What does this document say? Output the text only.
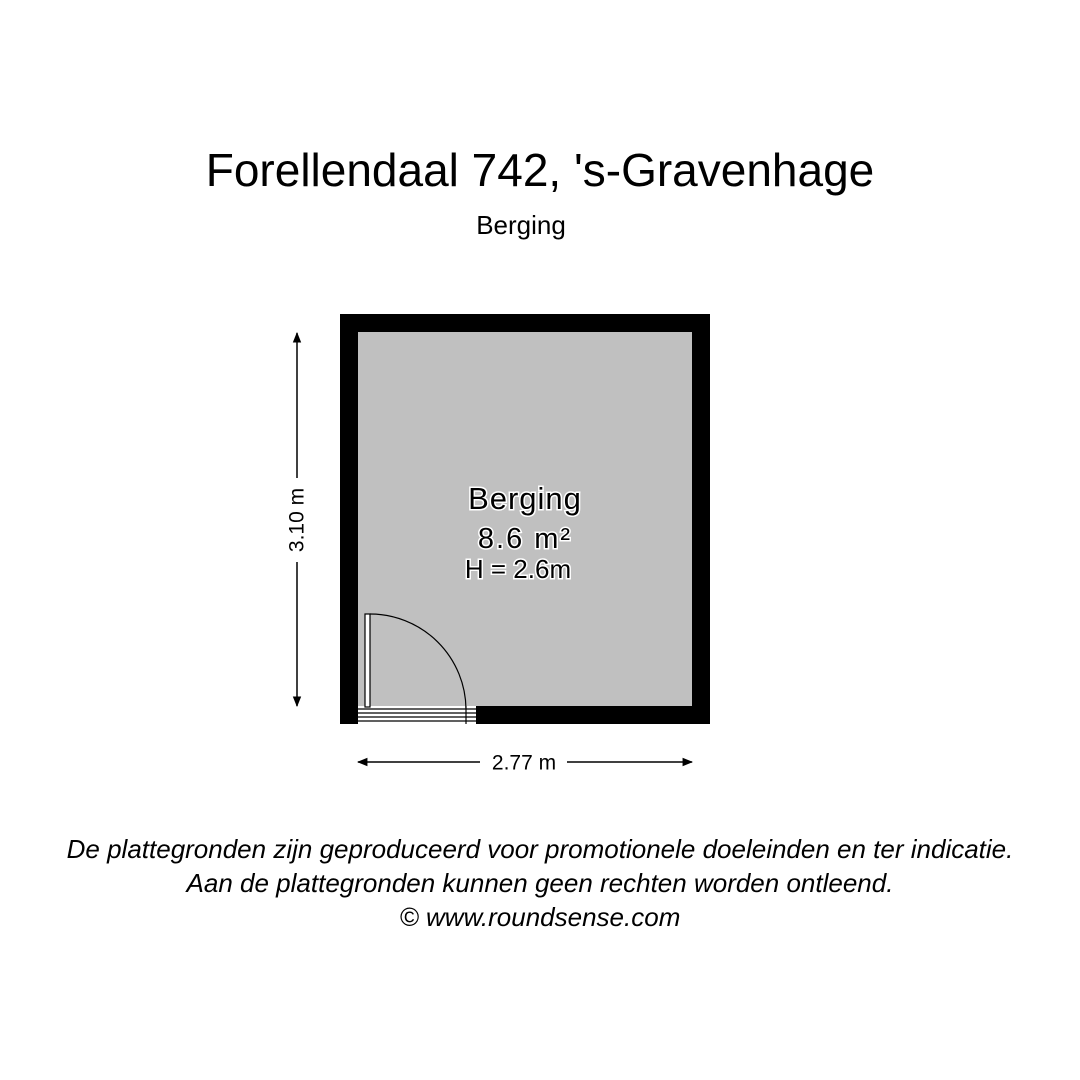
Forellendaal 742, 's-Gravenhage
Berging
Berging
8.6 m²
H = 2.6m
3.10 m
2.77 m
De plattegronden zijn geproduceerd voor promotionele doeleinden en ter indicatie.
Aan de plattegronden kunnen geen rechten worden ontleend.
© www.roundsense.com
